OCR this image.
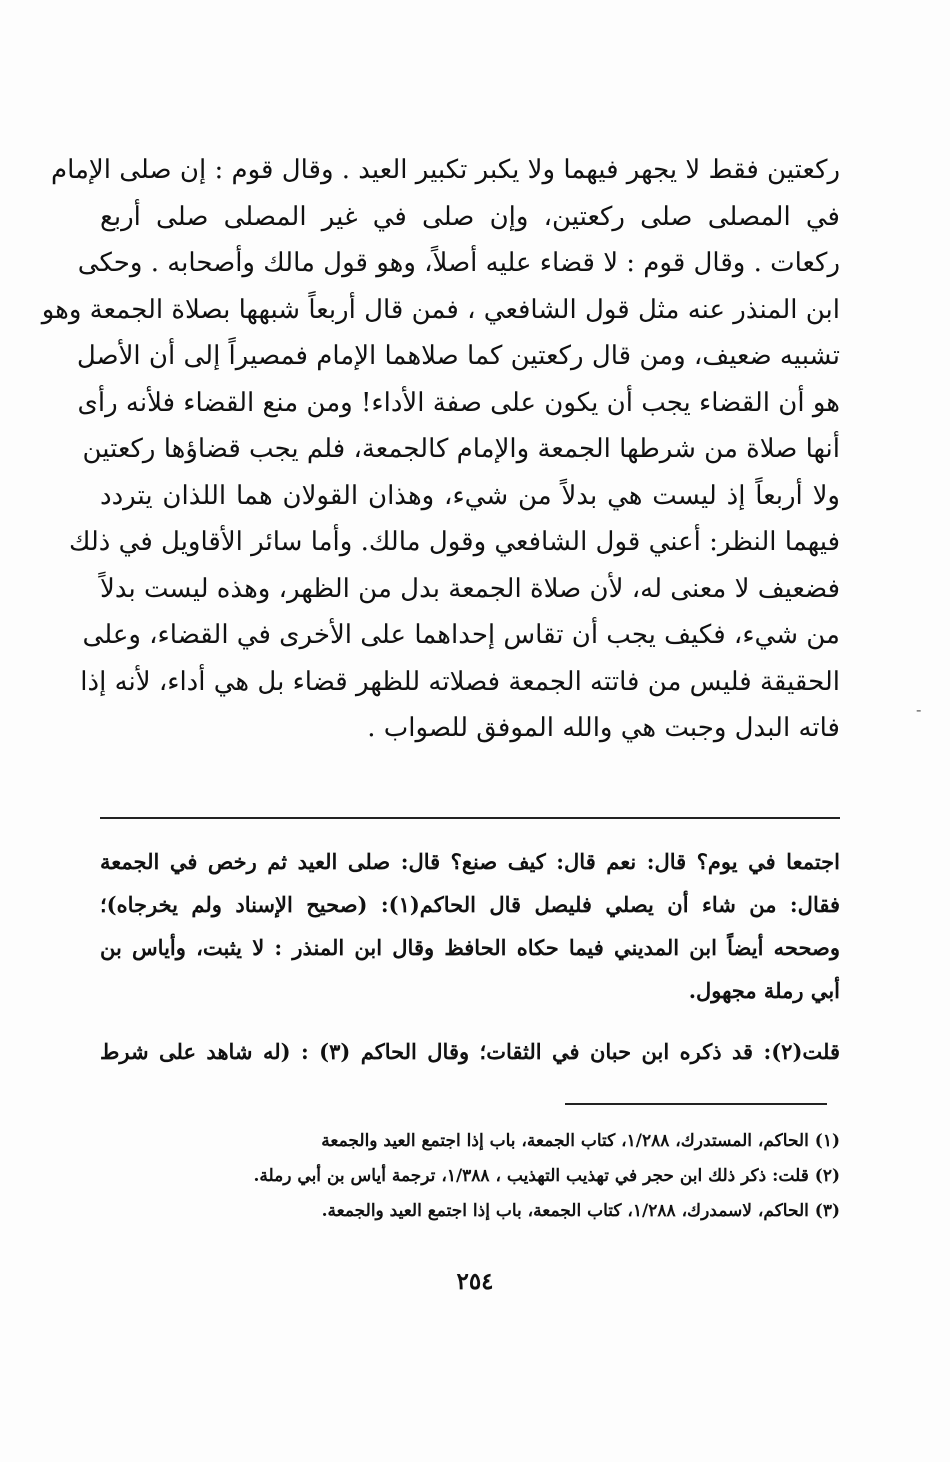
ركعتين فقط لا يجهر فيهما ولا يكبر تكبير العيد . وقال قوم : إن صلى الإمام
في المصلى صلى ركعتين، وإن صلى في غير المصلى صلى أربع
ركعات . وقال قوم : لا قضاء عليه أصلاً، وهو قول مالك وأصحابه . وحكى
ابن المنذر عنه مثل قول الشافعي ، فمن قال أربعاً شبهها بصلاة الجمعة وهو
تشبيه ضعيف، ومن قال ركعتين كما صلاهما الإمام فمصيراً إلى أن الأصل
هو أن القضاء يجب أن يكون على صفة الأداء! ومن منع القضاء فلأنه رأى
أنها صلاة من شرطها الجمعة والإمام كالجمعة، فلم يجب قضاؤها ركعتين
ولا أربعاً إذ ليست هي بدلاً من شيء، وهذان القولان هما اللذان يتردد
فيهما النظر: أعني قول الشافعي وقول مالك. وأما سائر الأقاويل في ذلك
فضعيف لا معنى له، لأن صلاة الجمعة بدل من الظهر، وهذه ليست بدلاً
من شيء، فكيف يجب أن تقاس إحداهما على الأخرى في القضاء، وعلى
الحقيقة فليس من فاتته الجمعة فصلاته للظهر قضاء بل هي أداء، لأنه إذا
فاته البدل وجبت هي والله الموفق للصواب .
اجتمعا في يوم؟ قال: نعم قال: كيف صنع؟ قال: صلى العيد ثم رخص في الجمعة
فقال: من شاء أن يصلي فليصل قال الحاكم(١): (صحيح الإسناد ولم يخرجاه)؛
وصححه أيضاً ابن المديني فيما حكاه الحافظ وقال ابن المنذر : لا يثبت، وأياس بن
أبي رملة مجهول.
قلت(٢): قد ذكره ابن حبان في الثقات؛ وقال الحاكم (٣) : (له شاهد على شرط
(١) الحاكم، المستدرك، ١/٢٨٨، كتاب الجمعة، باب إذا اجتمع العيد والجمعة
(٢) قلت: ذكر ذلك ابن حجر في تهذيب التهذيب ، ١/٣٨٨، ترجمة أياس بن أبي رملة.
(٣) الحاكم، لاسمدرك، ١/٢٨٨، كتاب الجمعة، باب إذا اجتمع العيد والجمعة.
٢٥٤
-
